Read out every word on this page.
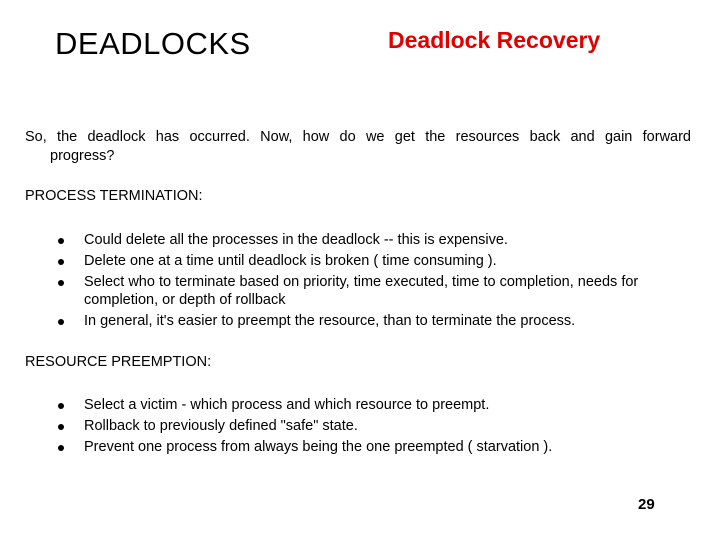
DEADLOCKS	Deadlock Recovery
So, the deadlock has occurred. Now, how do we get the resources back and gain forward
progress?
PROCESS TERMINATION:
Could delete all the processes in the deadlock -- this is expensive.
Delete one at a time until deadlock is broken ( time consuming ).
Select who to terminate based on priority, time executed, time to completion, needs for completion, or depth of rollback
In general, it's easier to preempt the resource, than to terminate the process.
RESOURCE PREEMPTION:
Select a victim - which process and which resource to preempt.
Rollback to previously defined "safe" state.
Prevent one process from always being the one preempted ( starvation ).
29
